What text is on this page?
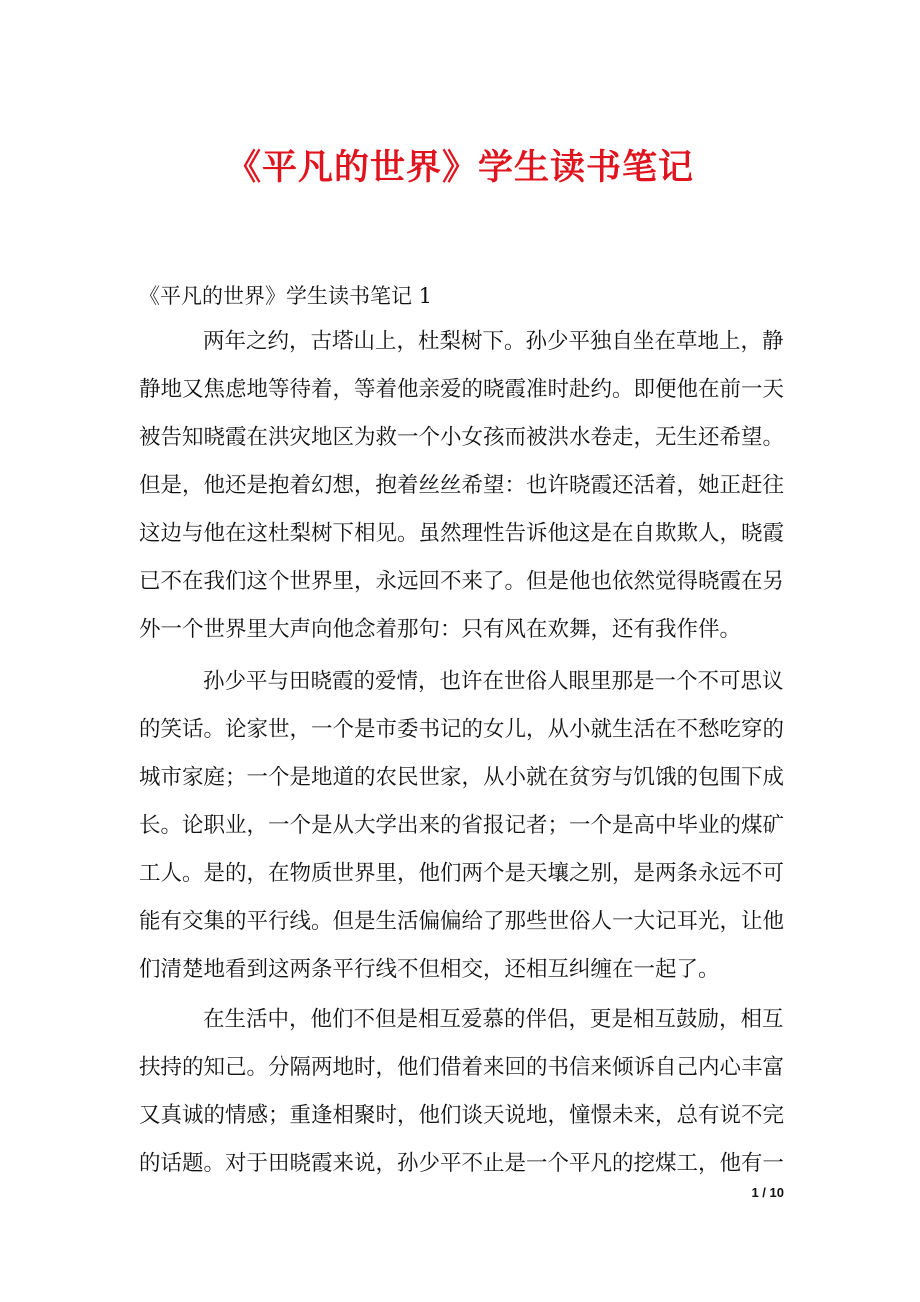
《平凡的世界》学生读书笔记
《平凡的世界》学生读书笔记 1
两年之约，古塔山上，杜梨树下。孙少平独自坐在草地上，静
静地又焦虑地等待着，等着他亲爱的晓霞准时赴约。即便他在前一天
被告知晓霞在洪灾地区为救一个小女孩而被洪水卷走，无生还希望。
但是，他还是抱着幻想，抱着丝丝希望：也许晓霞还活着，她正赶往
这边与他在这杜梨树下相见。虽然理性告诉他这是在自欺欺人，晓霞
已不在我们这个世界里，永远回不来了。但是他也依然觉得晓霞在另
外一个世界里大声向他念着那句：只有风在欢舞，还有我作伴。
孙少平与田晓霞的爱情，也许在世俗人眼里那是一个不可思议
的笑话。论家世，一个是市委书记的女儿，从小就生活在不愁吃穿的
城市家庭；一个是地道的农民世家，从小就在贫穷与饥饿的包围下成
长。论职业，一个是从大学出来的省报记者；一个是高中毕业的煤矿
工人。是的，在物质世界里，他们两个是天壤之别，是两条永远不可
能有交集的平行线。但是生活偏偏给了那些世俗人一大记耳光，让他
们清楚地看到这两条平行线不但相交，还相互纠缠在一起了。
在生活中，他们不但是相互爱慕的伴侣，更是相互鼓励，相互
扶持的知己。分隔两地时，他们借着来回的书信来倾诉自己内心丰富
又真诚的情感；重逢相聚时，他们谈天说地，憧憬未来，总有说不完
的话题。对于田晓霞来说，孙少平不止是一个平凡的挖煤工，他有一
1 / 10
